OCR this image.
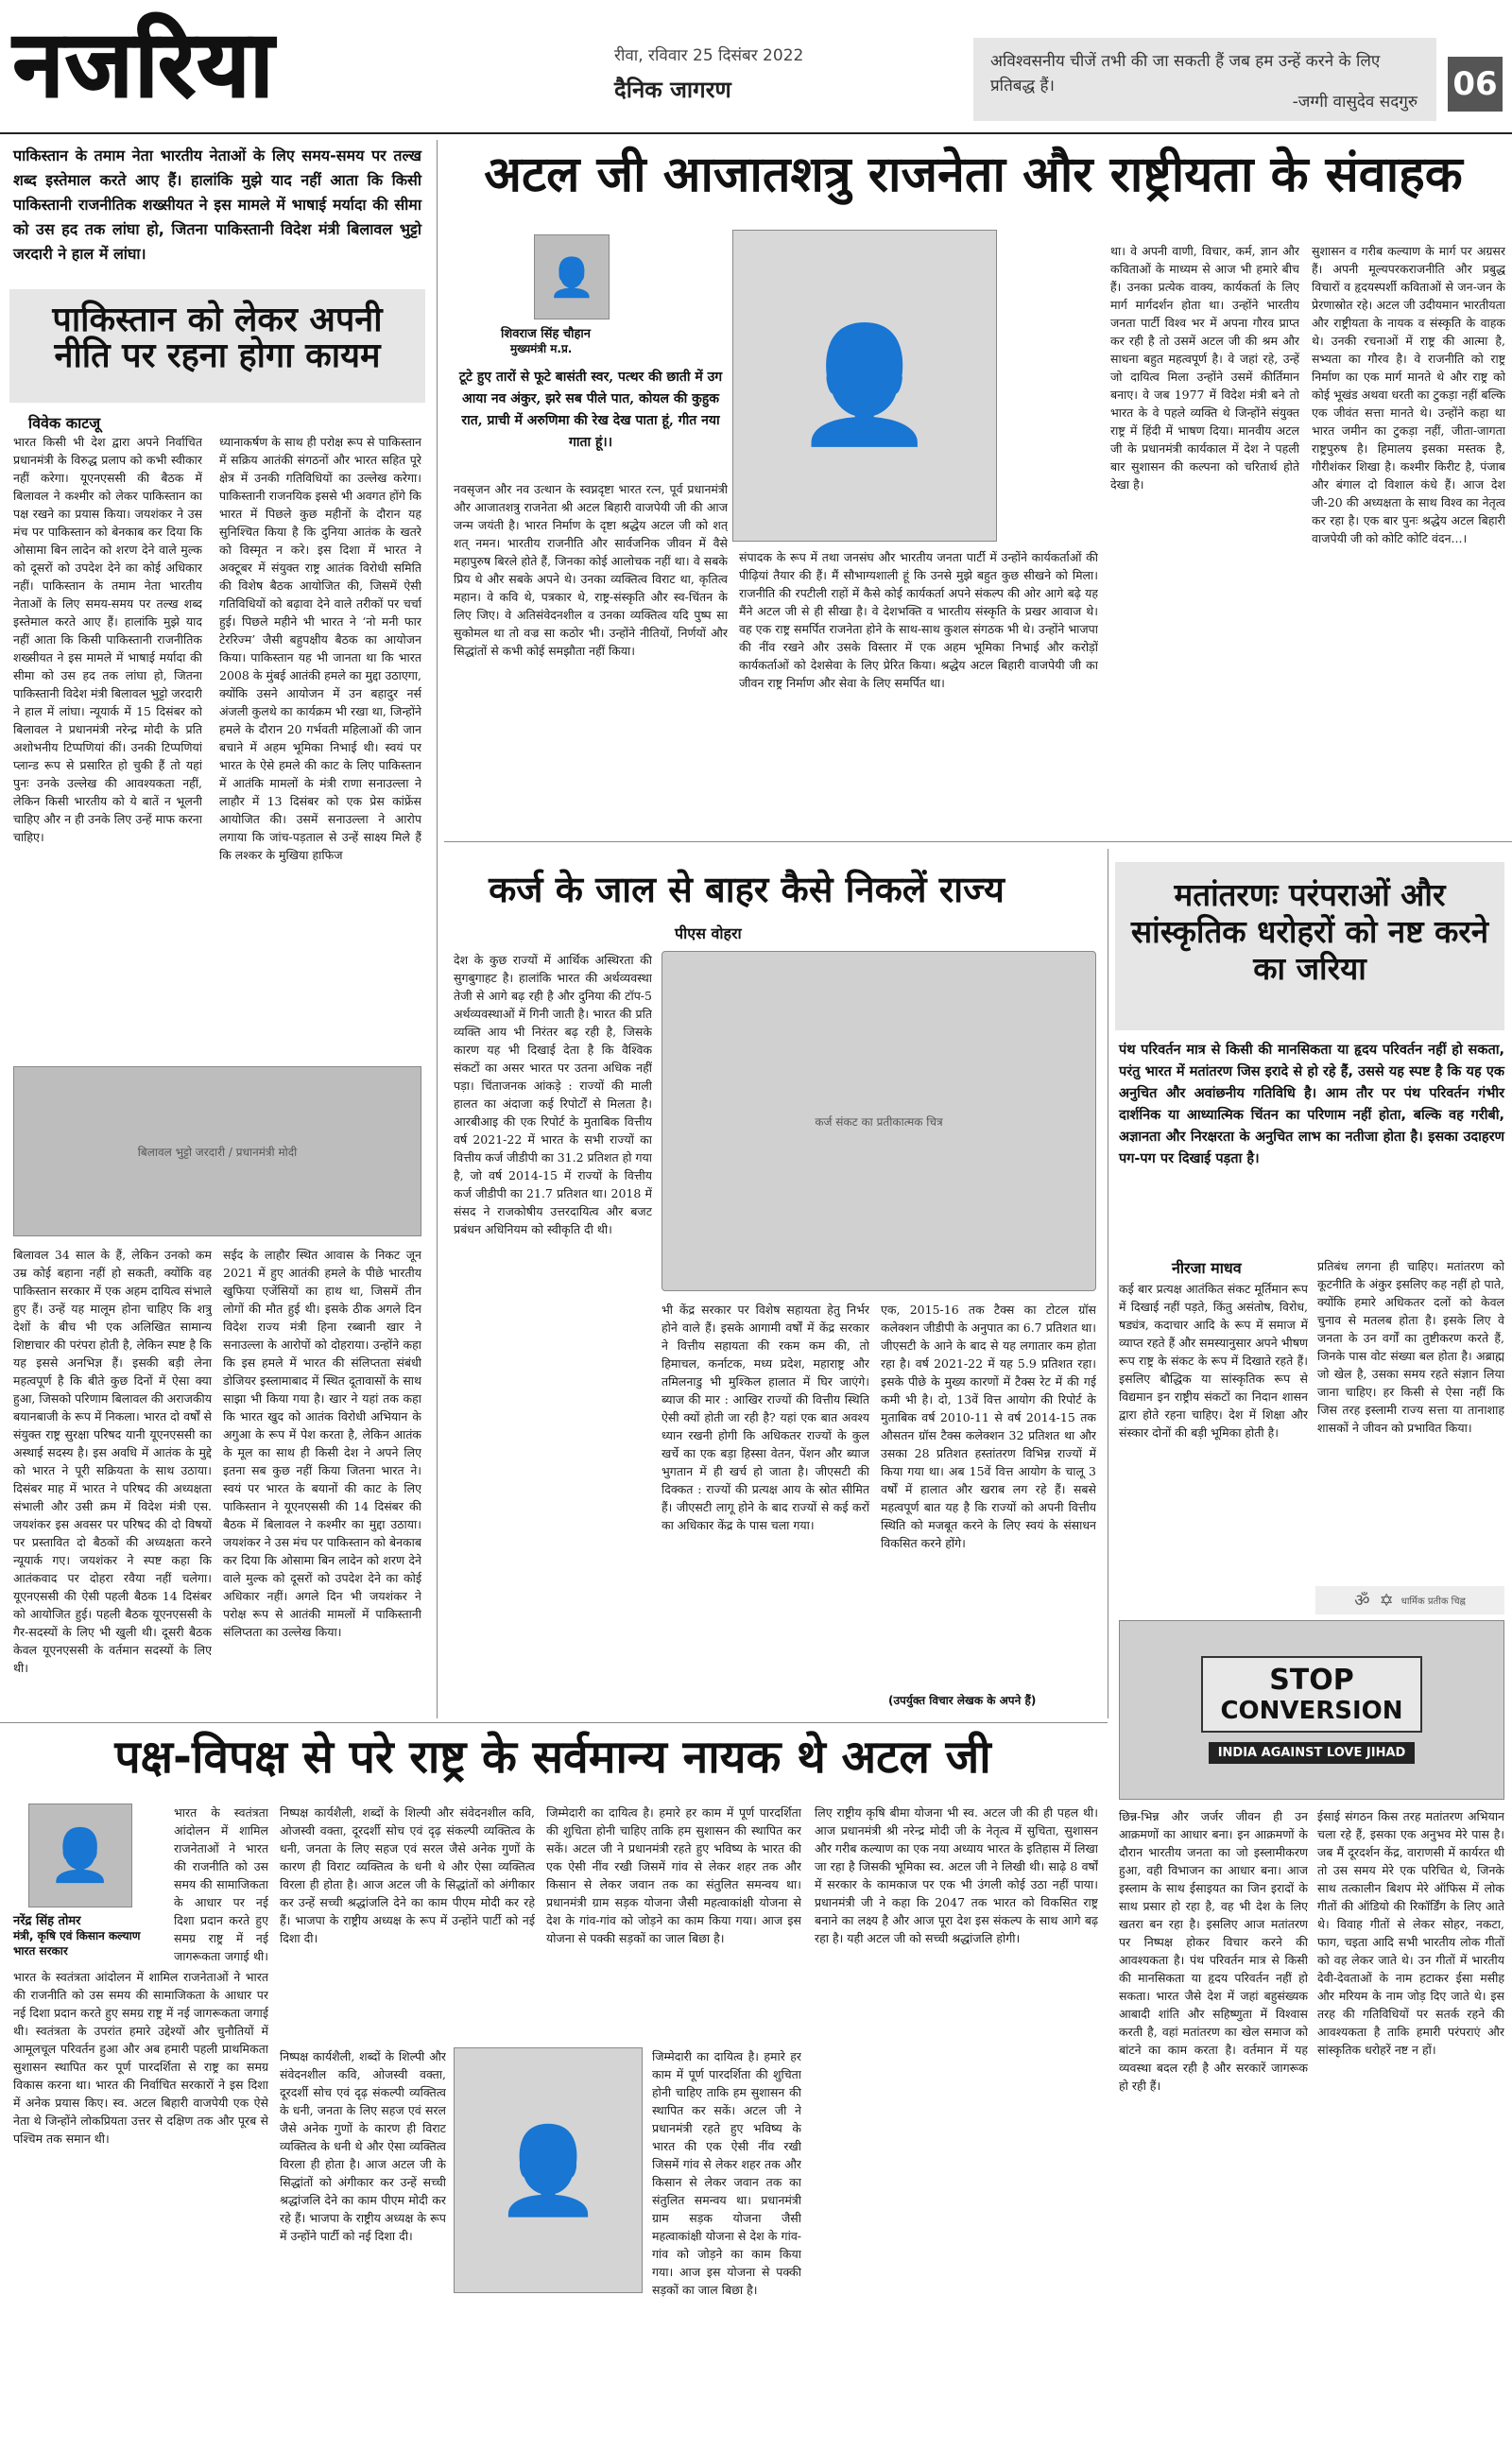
नजरिया	रीवा, रविवार 25 दिसंबर 2022
दैनिक जागरण
अविश्वसनीय चीजें तभी की जा सकती हैं जब हम उन्हें करने के लिए प्रतिबद्ध हैं।
-जग्गी वासुदेव सदगुरु 06
पाकिस्तान के तमाम नेता भारतीय नेताओं के लिए समय-समय पर तल्ख शब्द इस्तेमाल करते आए हैं। हालांकि मुझे याद नहीं आता कि किसी पाकिस्तानी राजनीतिक शख्सीयत ने इस मामले में भाषाई मर्यादा की सीमा को उस हद तक लांघा हो, जितना पाकिस्तानी विदेश मंत्री बिलावल भुट्टो जरदारी ने हाल में लांघा।
पाकिस्तान को लेकर अपनी नीति पर रहना होगा कायम
विवेक काटजू
भारत किसी भी देश द्वारा अपने निर्वाचित प्रधानमंत्री के विरुद्ध प्रलाप को कभी स्वीकार नहीं करेगा। यूएनएससी की बैठक में बिलावल ने कश्मीर को लेकर पाकिस्तान का पक्ष रखने का प्रयास किया। जयशंकर ने उस मंच पर पाकिस्तान को बेनकाब कर दिया कि ओसामा बिन लादेन को शरण देने वाले मुल्क को दूसरों को उपदेश देने का कोई अधिकार नहीं। पाकिस्तान के तमाम नेता भारतीय नेताओं के लिए समय-समय पर तल्ख शब्द इस्तेमाल करते आए हैं। हालांकि मुझे याद नहीं आता कि किसी पाकिस्तानी राजनीतिक शख्सीयत ने इस मामले में भाषाई मर्यादा की सीमा को उस हद तक लांघा हो, जितना पाकिस्तानी विदेश मंत्री बिलावल भुट्टो जरदारी ने हाल में लांघा। न्यूयार्क में 15 दिसंबर को बिलावल ने प्रधानमंत्री नरेन्द्र मोदी के प्रति अशोभनीय टिप्पणियां कीं। उनकी टिप्पणियां प्लान्ड रूप से प्रसारित हो चुकी हैं तो यहां पुनः उनके उल्लेख की आवश्यकता नहीं, लेकिन किसी भारतीय को ये बातें न भूलनी चाहिए और न ही उनके लिए उन्हें माफ करना चाहिए।
ध्यानाकर्षण के साथ ही परोक्ष रूप से पाकिस्तान में सक्रिय आतंकी संगठनों और भारत सहित पूरे क्षेत्र में उनकी गतिविधियों का उल्लेख करेगा। पाकिस्तानी राजनयिक इससे भी अवगत होंगे कि भारत में पिछले कुछ महीनों के दौरान यह सुनिश्चित किया है कि दुनिया आतंक के खतरे को विस्मृत न करे। इस दिशा में भारत ने अक्टूबर में संयुक्त राष्ट्र आतंक विरोधी समिति की विशेष बैठक आयोजित की, जिसमें ऐसी गतिविधियों को बढ़ावा देने वाले तरीकों पर चर्चा हुई। पिछले महीने भी भारत ने ‘नो मनी फार टेररिज्म’ जैसी बहुपक्षीय बैठक का आयोजन किया। पाकिस्तान यह भी जानता था कि भारत 2008 के मुंबई आतंकी हमले का मुद्दा उठाएगा, क्योंकि उसने आयोजन में उन बहादुर नर्स अंजली कुलथे का कार्यक्रम भी रखा था, जिन्होंने हमले के दौरान 20 गर्भवती महिलाओं की जान बचाने में अहम भूमिका निभाई थी। स्वयं पर भारत के ऐसे हमले की काट के लिए पाकिस्तान में आतंकि मामलों के मंत्री राणा सनाउल्ला ने लाहौर में 13 दिसंबर को एक प्रेस कांफ्रेंस आयोजित की। उसमें सनाउल्ला ने आरोप लगाया कि जांच-पड़ताल से उन्हें साक्ष्य मिले हैं कि लश्कर के मुखिया हाफिज
बिलावल भुट्टो जरदारी / प्रधानमंत्री मोदी
बिलावल 34 साल के हैं, लेकिन उनको कम उम्र कोई बहाना नहीं हो सकती, क्योंकि वह पाकिस्तान सरकार में एक अहम दायित्व संभाले हुए हैं। उन्हें यह मालूम होना चाहिए कि शत्रु देशों के बीच भी एक अलिखित सामान्य शिष्टाचार की परंपरा होती है, लेकिन स्पष्ट है कि यह इससे अनभिज्ञ हैं। इसकी बड़ी लेना महत्वपूर्ण है कि बीते कुछ दिनों में ऐसा क्या हुआ, जिसको परिणाम बिलावल की अराजकीय बयानबाजी के रूप में निकला। भारत दो वर्षों से संयुक्त राष्ट्र सुरक्षा परिषद यानी यूएनएससी का अस्थाई सदस्य है। इस अवधि में आतंक के मुद्दे को भारत ने पूरी सक्रियता के साथ उठाया। दिसंबर माह में भारत ने परिषद की अध्यक्षता संभाली और उसी क्रम में विदेश मंत्री एस. जयशंकर इस अवसर पर परिषद की दो विषयों पर प्रस्तावित दो बैठकों की अध्यक्षता करने न्यूयार्क गए। जयशंकर ने स्पष्ट कहा कि आतंकवाद पर दोहरा रवैया नहीं चलेगा। यूएनएससी की ऐसी पहली बैठक 14 दिसंबर को आयोजित हुई। पहली बैठक यूएनएससी के गैर-सदस्यों के लिए भी खुली थी। दूसरी बैठक केवल यूएनएससी के वर्तमान सदस्यों के लिए थी।
सईद के लाहौर स्थित आवास के निकट जून 2021 में हुए आतंकी हमले के पीछे भारतीय खुफिया एजेंसियों का हाथ था, जिसमें तीन लोगों की मौत हुई थी। इसके ठीक अगले दिन विदेश राज्य मंत्री हिना रब्बानी खार ने सनाउल्ला के आरोपों को दोहराया। उन्होंने कहा कि इस हमले में भारत की संलिप्तता संबंधी डोजियर इस्लामाबाद में स्थित दूतावासों के साथ साझा भी किया गया है। खार ने यहां तक कहा कि भारत खुद को आतंक विरोधी अभियान के अगुआ के रूप में पेश करता है, लेकिन आतंक के मूल का साथ ही किसी देश ने अपने लिए इतना सब कुछ नहीं किया जितना भारत ने। स्वयं पर भारत के बयानों की काट के लिए पाकिस्तान ने यूएनएससी की 14 दिसंबर की बैठक में बिलावल ने कश्मीर का मुद्दा उठाया। जयशंकर ने उस मंच पर पाकिस्तान को बेनकाब कर दिया कि ओसामा बिन लादेन को शरण देने वाले मुल्क को दूसरों को उपदेश देने का कोई अधिकार नहीं। अगले दिन भी जयशंकर ने परोक्ष रूप से आतंकी मामलों में पाकिस्तानी संलिप्तता का उल्लेख किया।
अटल जी आजातशत्रु राजनेता और राष्ट्रीयता के संवाहक
👤
शिवराज सिंह चौहान
मुख्यमंत्री म.प्र.
टूटे हुए तारों से फूटे बासंती स्वर, पत्थर की छाती में उग आया नव अंकुर, झरे सब पीले पात, कोयल की कुहुक रात, प्राची में अरुणिमा की रेख देख पाता हूं, गीत नया गाता हूं।।	👤
नवसृजन और नव उत्थान के स्वप्नदृष्टा भारत रत्न, पूर्व प्रधानमंत्री और आजातशत्रु राजनेता श्री अटल बिहारी वाजपेयी जी की आज जन्म जयंती है। भारत निर्माण के दृष्टा श्रद्धेय अटल जी को शत् शत् नमन। भारतीय राजनीति और सार्वजनिक जीवन में वैसे महापुरुष बिरले होते हैं, जिनका कोई आलोचक नहीं था। वे सबके प्रिय थे और सबके अपने थे। उनका व्यक्तित्व विराट था, कृतित्व महान। वे कवि थे, पत्रकार थे, राष्ट्र-संस्कृति और स्व-चिंतन के लिए जिए। वे अतिसंवेदनशील व उनका व्यक्तित्व यदि पुष्प सा सुकोमल था तो वज्र सा कठोर भी। उन्होंने नीतियों, निर्णयों और सिद्धांतों से कभी कोई समझौता नहीं किया।
संपादक के रूप में तथा जनसंघ और भारतीय जनता पार्टी में उन्होंने कार्यकर्ताओं की पीढ़ियां तैयार की हैं। मैं सौभाग्यशाली हूं कि उनसे मुझे बहुत कुछ सीखने को मिला। राजनीति की रपटीली राहों में कैसे कोई कार्यकर्ता अपने संकल्प की ओर आगे बढ़े यह मैंने अटल जी से ही सीखा है। वे देशभक्ति व भारतीय संस्कृति के प्रखर आवाज थे। वह एक राष्ट्र समर्पित राजनेता होने के साथ-साथ कुशल संगठक भी थे। उन्होंने भाजपा की नींव रखने और उसके विस्तार में एक अहम भूमिका निभाई और करोड़ों कार्यकर्ताओं को देशसेवा के लिए प्रेरित किया। श्रद्धेय अटल बिहारी वाजपेयी जी का जीवन राष्ट्र निर्माण और सेवा के लिए समर्पित था।
था। वे अपनी वाणी, विचार, कर्म, ज्ञान और कविताओं के माध्यम से आज भी हमारे बीच हैं। उनका प्रत्येक वाक्य, कार्यकर्ता के लिए मार्ग मार्गदर्शन होता था। उन्होंने भारतीय जनता पार्टी विश्व भर में अपना गौरव प्राप्त कर रही है तो उसमें अटल जी की श्रम और साधना बहुत महत्वपूर्ण है। वे जहां रहे, उन्हें जो दायित्व मिला उन्होंने उसमें कीर्तिमान बनाए। वे जब 1977 में विदेश मंत्री बने तो भारत के वे पहले व्यक्ति थे जिन्होंने संयुक्त राष्ट्र में हिंदी में भाषण दिया। मानवीय अटल जी के प्रधानमंत्री कार्यकाल में देश ने पहली बार सुशासन की कल्पना को चरितार्थ होते देखा है।
सुशासन व गरीब कल्याण के मार्ग पर अग्रसर हैं। अपनी मूल्यपरकराजनीति और प्रबुद्ध विचारों व हृदयस्पर्शी कविताओं से जन-जन के प्रेरणास्रोत रहे। अटल जी उदीयमान भारतीयता और राष्ट्रीयता के नायक व संस्कृति के वाहक थे। उनकी रचनाओं में राष्ट्र की आत्मा है, सभ्यता का गौरव है। वे राजनीति को राष्ट्र निर्माण का एक मार्ग मानते थे और राष्ट्र को कोई भूखंड अथवा धरती का टुकड़ा नहीं बल्कि एक जीवंत सत्ता मानते थे। उन्होंने कहा था भारत जमीन का टुकड़ा नहीं, जीता-जागता राष्ट्रपुरुष है। हिमालय इसका मस्तक है, गौरीशंकर शिखा है। कश्मीर किरीट है, पंजाब और बंगाल दो विशाल कंधे हैं। आज देश जी-20 की अध्यक्षता के साथ विश्व का नेतृत्व कर रहा है। एक बार पुनः श्रद्धेय अटल बिहारी वाजपेयी जी को कोटि कोटि वंदन...।
कर्ज के जाल से बाहर कैसे निकलें राज्य
पीएस वोहरा
देश के कुछ राज्यों में आर्थिक अस्थिरता की सुगबुगाहट है। हालांकि भारत की अर्थव्यवस्था तेजी से आगे बढ़ रही है और दुनिया की टॉप-5 अर्थव्यवस्थाओं में गिनी जाती है। भारत की प्रति व्यक्ति आय भी निरंतर बढ़ रही है, जिसके कारण यह भी दिखाई देता है कि वैश्विक संकटों का असर भारत पर उतना अधिक नहीं पड़ा। चिंताजनक आंकड़े : राज्यों की माली हालत का अंदाजा कई रिपोर्टों से मिलता है। आरबीआइ की एक रिपोर्ट के मुताबिक वित्तीय वर्ष 2021-22 में भारत के सभी राज्यों का वित्तीय कर्ज जीडीपी का 31.2 प्रतिशत हो गया है, जो वर्ष 2014-15 में राज्यों के वित्तीय कर्ज जीडीपी का 21.7 प्रतिशत था। 2018 में संसद ने राजकोषीय उत्तरदायित्व और बजट प्रबंधन अधिनियम को स्वीकृति दी थी।
कर्ज संकट का प्रतीकात्मक चित्र
भी केंद्र सरकार पर विशेष सहायता हेतु निर्भर होने वाले हैं। इसके आगामी वर्षों में केंद्र सरकार ने वित्तीय सहायता की रकम कम की, तो हिमाचल, कर्नाटक, मध्य प्रदेश, महाराष्ट्र और तमिलनाडु भी मुश्किल हालात में घिर जाएंगे। ब्याज की मार : आखिर राज्यों की वित्तीय स्थिति ऐसी क्यों होती जा रही है? यहां एक बात अवश्य ध्यान रखनी होगी कि अधिकतर राज्यों के कुल खर्चे का एक बड़ा हिस्सा वेतन, पेंशन और ब्याज भुगतान में ही खर्च हो जाता है। जीएसटी की दिक्कत : राज्यों की प्रत्यक्ष आय के स्रोत सीमित हैं। जीएसटी लागू होने के बाद राज्यों से कई करों का अधिकार केंद्र के पास चला गया।
एक, 2015-16 तक टैक्स का टोटल ग्रॉस कलेक्शन जीडीपी के अनुपात का 6.7 प्रतिशत था। जीएसटी के आने के बाद से यह लगातार कम होता रहा है। वर्ष 2021-22 में यह 5.9 प्रतिशत रहा। इसके पीछे के मुख्य कारणों में टैक्स रेट में की गई कमी भी है। दो, 13वें वित्त आयोग की रिपोर्ट के मुताबिक वर्ष 2010-11 से वर्ष 2014-15 तक औसतन ग्रॉस टैक्स कलेक्शन 32 प्रतिशत था और उसका 28 प्रतिशत हस्तांतरण विभिन्न राज्यों में किया गया था। अब 15वें वित्त आयोग के चालू 3 वर्षों में हालात और खराब लग रहे हैं। सबसे महत्वपूर्ण बात यह है कि राज्यों को अपनी वित्तीय स्थिति को मजबूत करने के लिए स्वयं के संसाधन विकसित करने होंगे।
(उपर्युक्त विचार लेखक के अपने हैं)
मतांतरणः परंपराओं और सांस्कृतिक धरोहरों को नष्ट करने का जरिया
पंथ परिवर्तन मात्र से किसी की मानसिकता या हृदय परिवर्तन नहीं हो सकता, परंतु भारत में मतांतरण जिस इरादे से हो रहे हैं, उससे यह स्पष्ट है कि यह एक अनुचित और अवांछनीय गतिविधि है। आम तौर पर पंथ परिवर्तन गंभीर दार्शनिक या आध्यात्मिक चिंतन का परिणाम नहीं होता, बल्कि वह गरीबी, अज्ञानता और निरक्षरता के अनुचित लाभ का नतीजा होता है। इसका उदाहरण पग-पग पर दिखाई पड़ता है।
नीरजा माधव
कई बार प्रत्यक्ष आतंकित संकट मूर्तिमान रूप में दिखाई नहीं पड़ते, किंतु असंतोष, विरोध, षड्यंत्र, कदाचार आदि के रूप में समाज में व्याप्त रहते हैं और समस्यानुसार अपने भीषण रूप राष्ट्र के संकट के रूप में दिखाते रहते हैं। इसलिए बौद्धिक या सांस्कृतिक रूप से विद्यमान इन राष्ट्रीय संकटों का निदान शासन द्वारा होते रहना चाहिए। देश में शिक्षा और संस्कार दोनों की बड़ी भूमिका होती है।
प्रतिबंध लगना ही चाहिए। मतांतरण को कूटनीति के अंकुर इसलिए कह नहीं हो पाते, क्योंकि हमारे अधिकतर दलों को केवल चुनाव से मतलब होता है। इसके लिए वे जनता के उन वर्गों का तुष्टीकरण करते हैं, जिनके पास वोट संख्या बल होता है। अब्राह्म जो खेल है, उसका समय रहते संज्ञान लिया जाना चाहिए। हर किसी से ऐसा नहीं कि जिस तरह इस्लामी राज्य सत्ता या तानाशाह शासकों ने जीवन को प्रभावित किया।
ॐ ✡ धार्मिक प्रतीक चिह्न
STOP
CONVERSION
INDIA AGAINST LOVE JIHAD
छिन्न-भिन्न और जर्जर जीवन ही उन आक्रमणों का आधार बना। इन आक्रमणों के दौरान भारतीय जनता का जो इस्लामीकरण हुआ, वही विभाजन का आधार बना। आज इस्लाम के साथ ईसाइयत का जिन इरादों के साथ प्रसार हो रहा है, वह भी देश के लिए खतरा बन रहा है। इसलिए आज मतांतरण पर निष्पक्ष होकर विचार करने की आवश्यकता है। पंथ परिवर्तन मात्र से किसी की मानसिकता या हृदय परिवर्तन नहीं हो सकता। भारत जैसे देश में जहां बहुसंख्यक आबादी शांति और सहिष्णुता में विश्वास करती है, वहां मतांतरण का खेल समाज को बांटने का काम करता है। वर्तमान में यह व्यवस्था बदल रही है और सरकारें जागरूक हो रही हैं।
ईसाई संगठन किस तरह मतांतरण अभियान चला रहे हैं, इसका एक अनुभव मेरे पास है। जब मैं दूरदर्शन केंद्र, वाराणसी में कार्यरत थी तो उस समय मेरे एक परिचित थे, जिनके साथ तत्कालीन बिशप मेरे ऑफिस में लोक गीतों की ऑडियो की रिकॉर्डिंग के लिए आते थे। विवाह गीतों से लेकर सोहर, नकटा, फाग, चइता आदि सभी भारतीय लोक गीतों को वह लेकर जाते थे। उन गीतों में भारतीय देवी-देवताओं के नाम हटाकर ईसा मसीह और मरियम के नाम जोड़ दिए जाते थे। इस तरह की गतिविधियों पर सतर्क रहने की आवश्यकता है ताकि हमारी परंपराएं और सांस्कृतिक धरोहरें नष्ट न हों।
पक्ष-विपक्ष से परे राष्ट्र के सर्वमान्य नायक थे अटल जी
👤
नरेंद्र सिंह तोमर
मंत्री, कृषि एवं किसान कल्याण भारत सरकार
भारत के स्वतंत्रता आंदोलन में शामिल राजनेताओं ने भारत की राजनीति को उस समय की सामाजिकता के आधार पर नई दिशा प्रदान करते हुए समग्र राष्ट्र में नई जागरूकता जगाई थी।
भारत के स्वतंत्रता आंदोलन में शामिल राजनेताओं ने भारत की राजनीति को उस समय की सामाजिकता के आधार पर नई दिशा प्रदान करते हुए समग्र राष्ट्र में नई जागरूकता जगाई थी। स्वतंत्रता के उपरांत हमारे उद्देश्यों और चुनौतियों में आमूलचूल परिवर्तन हुआ और अब हमारी पहली प्राथमिकता सुशासन स्थापित कर पूर्ण पारदर्शिता से राष्ट्र का समग्र विकास करना था। भारत की निर्वाचित सरकारों ने इस दिशा में अनेक प्रयास किए। स्व. अटल बिहारी वाजपेयी एक ऐसे नेता थे जिन्होंने लोकप्रियता उत्तर से दक्षिण तक और पूरब से पश्चिम तक समान थी।
निष्पक्ष कार्यशैली, शब्दों के शिल्पी और संवेदनशील कवि, ओजस्वी वक्ता, दूरदर्शी सोच एवं दृढ़ संकल्पी व्यक्तित्व के धनी, जनता के लिए सहज एवं सरल जैसे अनेक गुणों के कारण ही विराट व्यक्तित्व के धनी थे और ऐसा व्यक्तित्व विरला ही होता है। आज अटल जी के सिद्धांतों को अंगीकार कर उन्हें सच्ची श्रद्धांजलि देने का काम पीएम मोदी कर रहे हैं। भाजपा के राष्ट्रीय अध्यक्ष के रूप में उन्होंने पार्टी को नई दिशा दी।
👤
निष्पक्ष कार्यशैली, शब्दों के शिल्पी और संवेदनशील कवि, ओजस्वी वक्ता, दूरदर्शी सोच एवं दृढ़ संकल्पी व्यक्तित्व के धनी, जनता के लिए सहज एवं सरल जैसे अनेक गुणों के कारण ही विराट व्यक्तित्व के धनी थे और ऐसा व्यक्तित्व विरला ही होता है। आज अटल जी के सिद्धांतों को अंगीकार कर उन्हें सच्ची श्रद्धांजलि देने का काम पीएम मोदी कर रहे हैं। भाजपा के राष्ट्रीय अध्यक्ष के रूप में उन्होंने पार्टी को नई दिशा दी।
जिम्मेदारी का दायित्व है। हमारे हर काम में पूर्ण पारदर्शिता की शुचिता होनी चाहिए ताकि हम सुशासन की स्थापित कर सकें। अटल जी ने प्रधानमंत्री रहते हुए भविष्य के भारत की एक ऐसी नींव रखी जिसमें गांव से लेकर शहर तक और किसान से लेकर जवान तक का संतुलित समन्वय था। प्रधानमंत्री ग्राम सड़क योजना जैसी महत्वाकांक्षी योजना से देश के गांव-गांव को जोड़ने का काम किया गया। आज इस योजना से पक्की सड़कों का जाल बिछा है।
जिम्मेदारी का दायित्व है। हमारे हर काम में पूर्ण पारदर्शिता की शुचिता होनी चाहिए ताकि हम सुशासन की स्थापित कर सकें। अटल जी ने प्रधानमंत्री रहते हुए भविष्य के भारत की एक ऐसी नींव रखी जिसमें गांव से लेकर शहर तक और किसान से लेकर जवान तक का संतुलित समन्वय था। प्रधानमंत्री ग्राम सड़क योजना जैसी महत्वाकांक्षी योजना से देश के गांव-गांव को जोड़ने का काम किया गया। आज इस योजना से पक्की सड़कों का जाल बिछा है।
लिए राष्ट्रीय कृषि बीमा योजना भी स्व. अटल जी की ही पहल थी। आज प्रधानमंत्री श्री नरेन्द्र मोदी जी के नेतृत्व में सुचिता, सुशासन और गरीब कल्याण का एक नया अध्याय भारत के इतिहास में लिखा जा रहा है जिसकी भूमिका स्व. अटल जी ने लिखी थी। साढ़े 8 वर्षों में सरकार के कामकाज पर एक भी उंगली कोई उठा नहीं पाया। प्रधानमंत्री जी ने कहा कि 2047 तक भारत को विकसित राष्ट्र बनाने का लक्ष्य है और आज पूरा देश इस संकल्प के साथ आगे बढ़ रहा है। यही अटल जी को सच्ची श्रद्धांजलि होगी।
